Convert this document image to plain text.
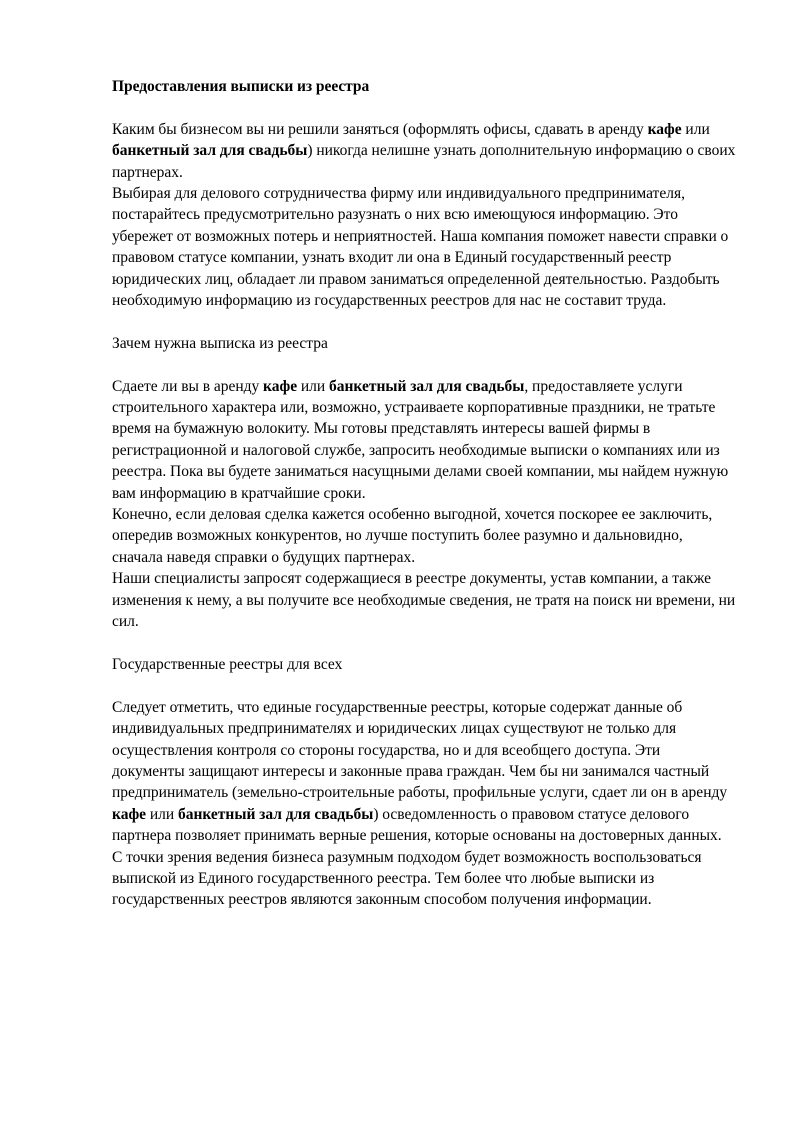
Предоставления выписки из реестра

Каким бы бизнесом вы ни решили заняться (оформлять офисы, сдавать в аренду кафе или банкетный зал для свадьбы) никогда нелишне узнать дополнительную информацию о своих партнерах.

Выбирая для делового сотрудничества фирму или индивидуального предпринимателя, постарайтесь предусмотрительно разузнать о них всю имеющуюся информацию. Это убережет от возможных потерь и неприятностей. Наша компания поможет навести справки о правовом статусе компании, узнать входит ли она в Единый государственный реестр юридических лиц, обладает ли правом заниматься определенной деятельностью. Раздобыть необходимую информацию из государственных реестров для нас не составит труда.

Зачем нужна выписка из реестра

Сдаете ли вы в аренду кафе или банкетный зал для свадьбы, предоставляете услуги строительного характера или, возможно, устраиваете корпоративные праздники, не тратьте время на бумажную волокиту. Мы готовы представлять интересы вашей фирмы в регистрационной и налоговой службе, запросить необходимые выписки о компаниях или из реестра. Пока вы будете заниматься насущными делами своей компании, мы найдем нужную вам информацию в кратчайшие сроки.

Конечно, если деловая сделка кажется особенно выгодной, хочется поскорее ее заключить, опередив возможных конкурентов, но лучше поступить более разумно и дальновидно, сначала наведя справки о будущих партнерах.

Наши специалисты запросят содержащиеся в реестре документы, устав компании, а также изменения к нему, а вы получите все необходимые сведения, не тратя на поиск ни времени, ни сил.

Государственные реестры для всех

Следует отметить, что единые государственные реестры, которые содержат данные об индивидуальных предпринимателях и юридических лицах существуют не только для осуществления контроля со стороны государства, но и для всеобщего доступа. Эти документы защищают интересы и законные права граждан. Чем бы ни занимался частный предприниматель (земельно-строительные работы, профильные услуги, сдает ли он в аренду кафе или банкетный зал для свадьбы) осведомленность о правовом статусе делового партнера позволяет принимать верные решения, которые основаны на достоверных данных.

С точки зрения ведения бизнеса разумным подходом будет возможность воспользоваться выпиской из Единого государственного реестра. Тем более что любые выписки из государственных реестров являются законным способом получения информации.
